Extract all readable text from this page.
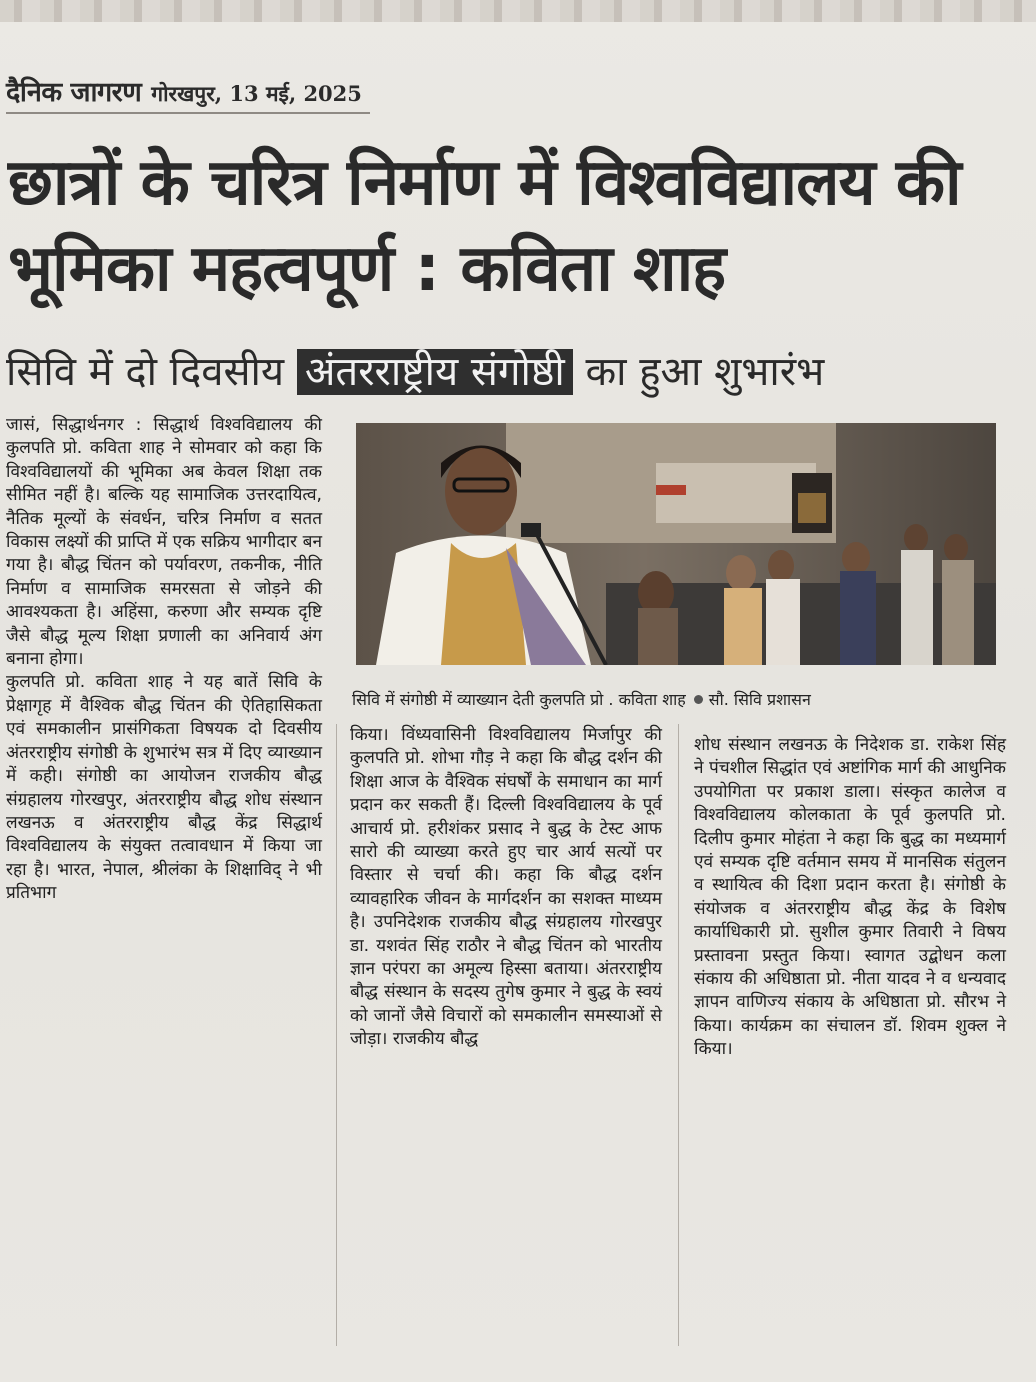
दैनिक जागरण गोरखपुर, 13 मई, 2025
छात्रों के चरित्र निर्माण में विश्वविद्यालय की भूमिका महत्वपूर्ण : कविता शाह
सिवि में दो दिवसीय अंतरराष्ट्रीय संगोष्ठी का हुआ शुभारंभ
जासं, सिद्धार्थनगर : सिद्धार्थ विश्वविद्यालय की कुलपति प्रो. कविता शाह ने सोमवार को कहा कि विश्वविद्यालयों की भूमिका अब केवल शिक्षा तक सीमित नहीं है। बल्कि यह सामाजिक उत्तरदायित्व, नैतिक मूल्यों के संवर्धन, चरित्र निर्माण व सतत विकास लक्ष्यों की प्राप्ति में एक सक्रिय भागीदार बन गया है। बौद्ध चिंतन को पर्यावरण, तकनीक, नीति निर्माण व सामाजिक समरसता से जोड़ने की आवश्यकता है। अहिंसा, करुणा और सम्यक दृष्टि जैसे बौद्ध मूल्य शिक्षा प्रणाली का अनिवार्य अंग बनाना होगा।
कुलपति प्रो. कविता शाह ने यह बातें सिवि के प्रेक्षागृह में वैश्विक बौद्ध चिंतन की ऐतिहासिकता एवं समकालीन प्रासंगिकता विषयक दो दिवसीय अंतरराष्ट्रीय संगोष्ठी के शुभारंभ सत्र में दिए व्याख्यान में कही। संगोष्ठी का आयोजन राजकीय बौद्ध संग्रहालय गोरखपुर, अंतरराष्ट्रीय बौद्ध शोध संस्थान लखनऊ व अंतरराष्ट्रीय बौद्ध केंद्र सिद्धार्थ विश्वविद्यालय के संयुक्त तत्वावधान में किया जा रहा है। भारत, नेपाल, श्रीलंका के शिक्षाविद् ने भी प्रतिभाग
सिवि में संगोष्ठी में व्याख्यान देती कुलपति प्रो . कविता शाह सौ. सिवि प्रशासन
किया। विंध्यवासिनी विश्वविद्यालय मिर्जापुर की कुलपति प्रो. शोभा गौड़ ने कहा कि बौद्ध दर्शन की शिक्षा आज के वैश्विक संघर्षों के समाधान का मार्ग प्रदान कर सकती हैं। दिल्ली विश्वविद्यालय के पूर्व आचार्य प्रो. हरीशंकर प्रसाद ने बुद्ध के टेस्ट आफ सारो की व्याख्या करते हुए चार आर्य सत्यों पर विस्तार से चर्चा की। कहा कि बौद्ध दर्शन व्यावहारिक जीवन के मार्गदर्शन का सशक्त माध्यम है। उपनिदेशक राजकीय बौद्ध संग्रहालय गोरखपुर डा. यशवंत सिंह राठौर ने बौद्ध चिंतन को भारतीय ज्ञान परंपरा का अमूल्य हिस्सा बताया। अंतरराष्ट्रीय बौद्ध संस्थान के सदस्य तुगेष कुमार ने बुद्ध के स्वयं को जानों जैसे विचारों को समकालीन समस्याओं से जोड़ा। राजकीय बौद्ध
शोध संस्थान लखनऊ के निदेशक डा. राकेश सिंह ने पंचशील सिद्धांत एवं अष्टांगिक मार्ग की आधुनिक उपयोगिता पर प्रकाश डाला। संस्कृत कालेज व विश्वविद्यालय कोलकाता के पूर्व कुलपति प्रो. दिलीप कुमार मोहंता ने कहा कि बुद्ध का मध्यमार्ग एवं सम्यक दृष्टि वर्तमान समय में मानसिक संतुलन व स्थायित्व की दिशा प्रदान करता है। संगोष्ठी के संयोजक व अंतरराष्ट्रीय बौद्ध केंद्र के विशेष कार्याधिकारी प्रो. सुशील कुमार तिवारी ने विषय प्रस्तावना प्रस्तुत किया। स्वागत उद्बोधन कला संकाय की अधिष्ठाता प्रो. नीता यादव ने व धन्यवाद ज्ञापन वाणिज्य संकाय के अधिष्ठाता प्रो. सौरभ ने किया। कार्यक्रम का संचालन डॉ. शिवम शुक्ल ने किया।
